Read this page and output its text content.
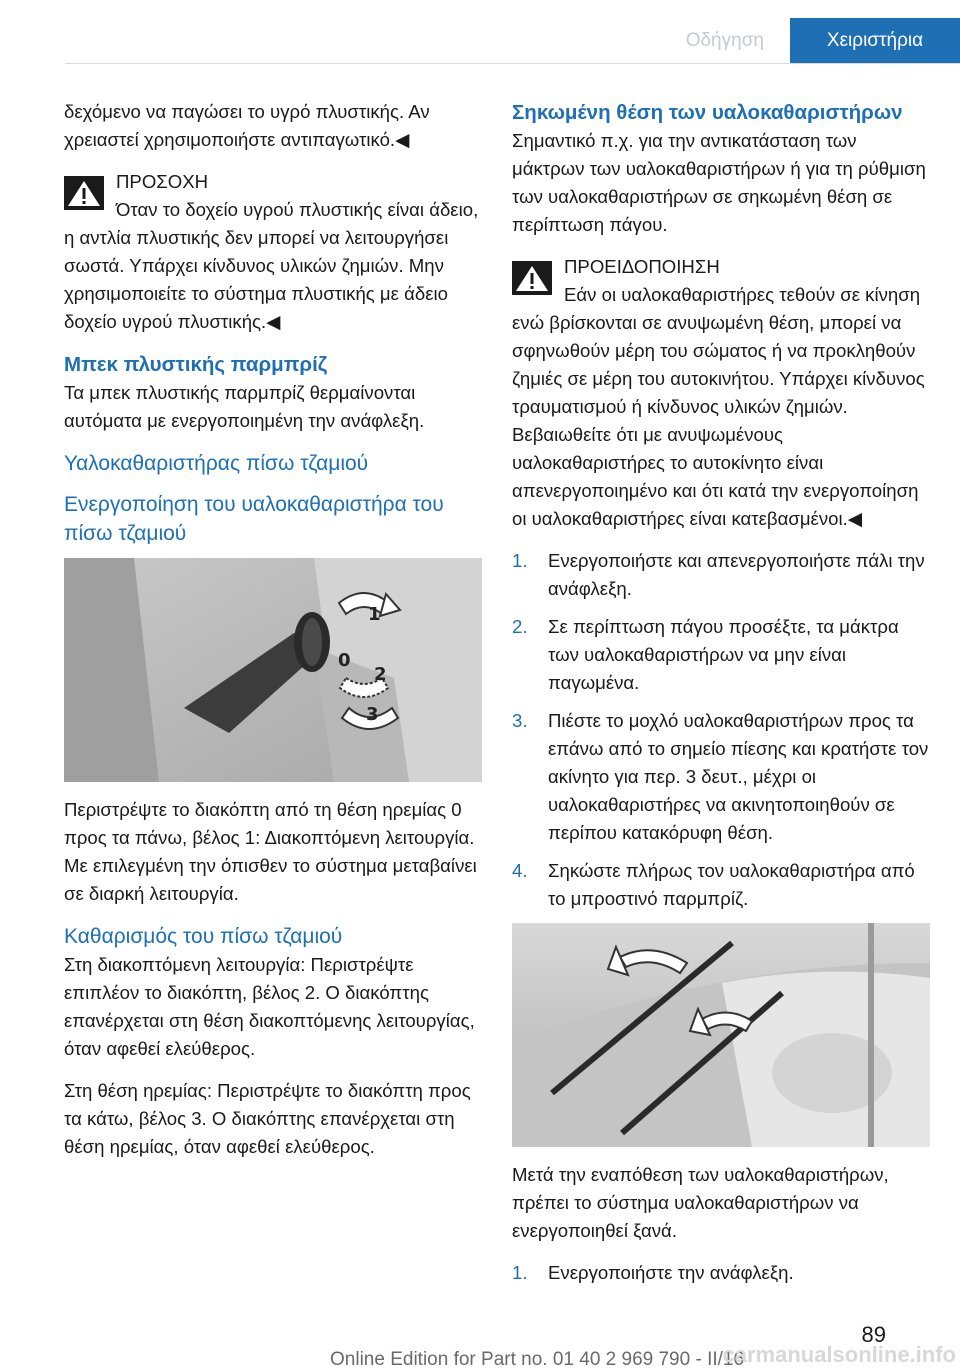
Οδήγηση	Χειριστήρια

δεχόμενο να παγώσει το υγρό πλυστικής. Αν χρειαστεί χρησιμοποιήστε αντιπαγωτικό.◀

ΠΡΟΣΟΧΗ
Όταν το δοχείο υγρού πλυστικής είναι άδειο, η αντλία πλυστικής δεν μπορεί να λειτουργήσει σωστά. Υπάρχει κίνδυνος υλικών ζημιών. Μην χρησιμοποιείτε το σύστημα πλυστικής με άδειο δοχείο υγρού πλυστικής.◀
Μπεκ πλυστικής παρμπρίζ

Τα μπεκ πλυστικής παρμπρίζ θερμαίνονται αυτόματα με ενεργοποιημένη την ανάφλεξη.

Υαλοκαθαριστήρας πίσω τζαμιού
Ενεργοποίηση του υαλοκαθαριστήρα του πίσω τζαμιού
1
0
2
3

Περιστρέψτε το διακόπτη από τη θέση ηρεμίας 0 προς τα πάνω, βέλος 1: Διακοπτόμενη λειτουργία. Με επιλεγμένη την όπισθεν το σύστημα μεταβαίνει σε διαρκή λειτουργία.

Καθαρισμός του πίσω τζαμιού

Στη διακοπτόμενη λειτουργία: Περιστρέψτε επιπλέον το διακόπτη, βέλος 2. Ο διακόπτης επανέρχεται στη θέση διακοπτόμενης λειτουργίας, όταν αφεθεί ελεύθερος.

Στη θέση ηρεμίας: Περιστρέψτε το διακόπτη προς τα κάτω, βέλος 3. Ο διακόπτης επανέρχεται στη θέση ηρεμίας, όταν αφεθεί ελεύθερος.

Σηκωμένη θέση των υαλοκαθαριστήρων

Σημαντικό π.χ. για την αντικατάσταση των μάκτρων των υαλοκαθαριστήρων ή για τη ρύθμιση των υαλοκαθαριστήρων σε σηκωμένη θέση σε περίπτωση πάγου.

ΠΡΟΕΙΔΟΠΟΙΗΣΗ
Εάν οι υαλοκαθαριστήρες τεθούν σε κίνηση ενώ βρίσκονται σε ανυψωμένη θέση, μπορεί να σφηνωθούν μέρη του σώματος ή να προκληθούν ζημιές σε μέρη του αυτοκινήτου. Υπάρχει κίνδυνος τραυματισμού ή κίνδυνος υλικών ζημιών. Βεβαιωθείτε ότι με ανυψωμένους υαλοκαθαριστήρες το αυτοκίνητο είναι απενεργοποιημένο και ότι κατά την ενεργοποίηση οι υαλοκαθαριστήρες είναι κατεβασμένοι.◀
1. Ενεργοποιήστε και απενεργοποιήστε πάλι την ανάφλεξη.
2. Σε περίπτωση πάγου προσέξτε, τα μάκτρα των υαλοκαθαριστήρων να μην είναι παγωμένα.
3. Πιέστε το μοχλό υαλοκαθαριστήρων προς τα επάνω από το σημείο πίεσης και κρατήστε τον ακίνητο για περ. 3 δευτ., μέχρι οι υαλοκαθαριστήρες να ακινητοποιηθούν σε περίπου κατακόρυφη θέση.
4. Σηκώστε πλήρως τον υαλοκαθαριστήρα από το μπροστινό παρμπρίζ.

Μετά την εναπόθεση των υαλοκαθαριστήρων, πρέπει το σύστημα υαλοκαθαριστήρων να ενεργοποιηθεί ξανά.

1. Ενεργοποιήστε την ανάφλεξη.
89
Online Edition for Part no. 01 40 2 969 790 - II/16
carmanualsonline.info
